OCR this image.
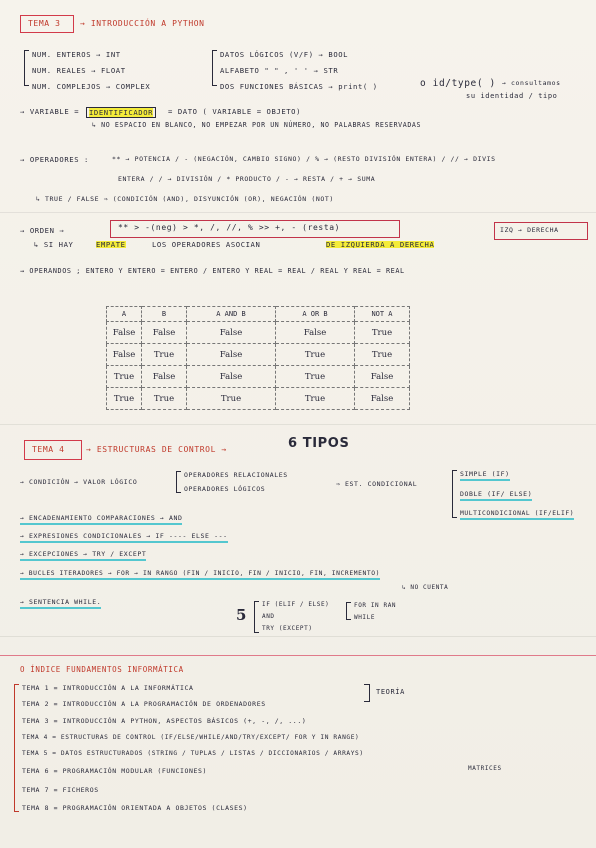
TEMA 3 → INTRODUCCIÓN A PYTHON
NUM. ENTEROS → INT
NUM. REALES → FLOAT
NUM. COMPLEJOS → COMPLEX
DATOS LÓGICOS (V/F) → BOOL
ALFABETO " " , ' ' → STR
DOS FUNCIONES BÁSICAS → print( )	o id/type( ) → consultamos
su identidad / tipo
→ VARIABLE =	IDENTIFICADOR	= DATO ( VARIABLE = OBJETO)
↳ NO ESPACIO EN BLANCO, NO EMPEZAR POR UN NÚMERO, NO PALABRAS RESERVADAS
→ OPERADORES :	** → POTENCIA / - (NEGACIÓN, CAMBIO SIGNO) / % → (RESTO DIVISIÓN ENTERA) / // → DIVIS
ENTERA / / → DIVISIÓN / * PRODUCTO / - → RESTA / + → SUMA
↳ TRUE / FALSE ⇒ (CONDICIÓN (AND), DISYUNCIÓN (OR), NEGACIÓN (NOT)
→ ORDEN ⇒	** > -(neg) > *, /, //, % >> +, - (resta)
↳ SI HAY	EMPATE	LOS OPERADORES ASOCIAN	DE IZQUIERDA A DERECHA
IZQ → DERECHA
→ OPERANDOS ; ENTERO Y ENTERO = ENTERO / ENTERO Y REAL = REAL / REAL Y REAL = REAL
A	B	A AND B	A OR B	NOT A
False	False	False	False	True
False	True	False	True	True
True	False	False	True	False
True	True	True	True	False
TEMA 4	→ ESTRUCTURAS DE CONTROL →	6 TIPOS
→ CONDICIÓN → VALOR LÓGICO
OPERADORES RELACIONALES
OPERADORES LÓGICOS
⇒ EST. CONDICIONAL
SIMPLE (IF)
DOBLE (IF/ ELSE)
MULTICONDICIONAL (IF/ELIF)
→ ENCADENAMIENTO COMPARACIONES → AND
→ EXPRESIONES CONDICIONALES → IF ---- ELSE ---
→ EXCEPCIONES → TRY / EXCEPT
→ BUCLES ITERADORES → FOR → IN RANGO (FIN / INICIO, FIN / INICIO, FIN, INCREMENTO)
↳ NO CUENTA
→ SENTENCIA WHILE.
5
IF (ELIF / ELSE)
AND
TRY (EXCEPT)
FOR IN RAN
WHILE
O ÍNDICE FUNDAMENTOS INFORMÁTICA
TEMA 1 = INTRODUCCIÓN A LA INFORMÁTICA
TEMA 2 = INTRODUCCIÓN A LA PROGRAMACIÓN DE ORDENADORES
TEMA 3 = INTRODUCCIÓN A PYTHON, ASPECTOS BÁSICOS (+, -, /, ...)
TEMA 4 = ESTRUCTURAS DE CONTROL (IF/ELSE/WHILE/AND/TRY/EXCEPT/ FOR Y IN RANGE)
TEMA 5 = DATOS ESTRUCTURADOS (STRING / TUPLAS / LISTAS / DICCIONARIOS / ARRAYS)
TEMA 6 = PROGRAMACIÓN MODULAR (FUNCIONES)
TEMA 7 = FICHEROS
TEMA 8 = PROGRAMACIÓN ORIENTADA A OBJETOS (CLASES)
TEORÍA
MATRICES
